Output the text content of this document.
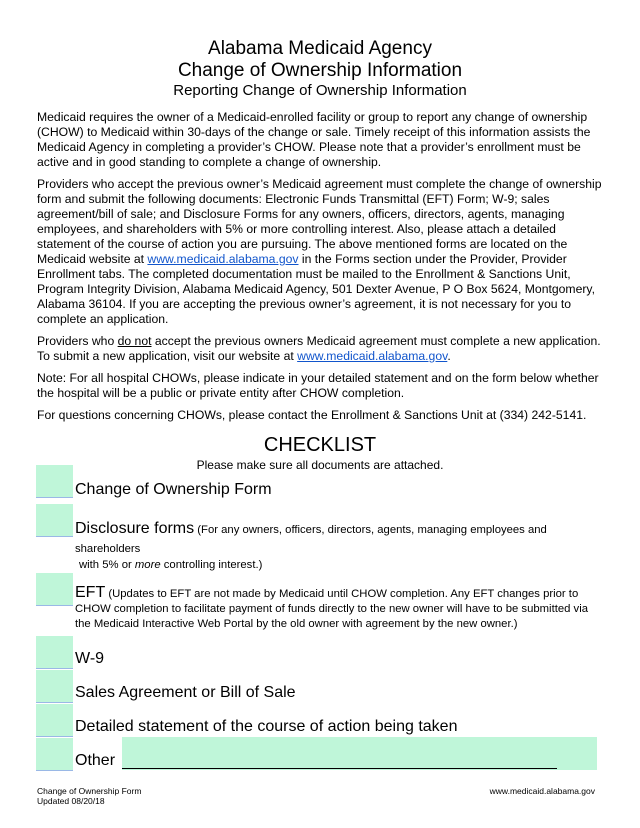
Alabama Medicaid Agency
Change of Ownership Information
Reporting Change of Ownership Information

Medicaid requires the owner of a Medicaid-enrolled facility or group to report any change of ownership (CHOW) to Medicaid within 30-days of the change or sale. Timely receipt of this information assists the Medicaid Agency in completing a provider’s CHOW. Please note that a provider’s enrollment must be active and in good standing to complete a change of ownership.

Providers who accept the previous owner’s Medicaid agreement must complete the change of ownership form and submit the following documents: Electronic Funds Transmittal (EFT) Form; W-9; sales agreement/bill of sale; and Disclosure Forms for any owners, officers, directors, agents, managing employees, and shareholders with 5% or more controlling interest. Also, please attach a detailed statement of the course of action you are pursuing. The above mentioned forms are located on the Medicaid website at www.medicaid.alabama.gov in the Forms section under the Provider, Provider Enrollment tabs. The completed documentation must be mailed to the Enrollment & Sanctions Unit, Program Integrity Division, Alabama Medicaid Agency, 501 Dexter Avenue, P O Box 5624, Montgomery, Alabama 36104. If you are accepting the previous owner’s agreement, it is not necessary for you to complete an application.

Providers who do not accept the previous owners Medicaid agreement must complete a new application. To submit a new application, visit our website at www.medicaid.alabama.gov.

Note: For all hospital CHOWs, please indicate in your detailed statement and on the form below whether the hospital will be a public or private entity after CHOW completion.

For questions concerning CHOWs, please contact the Enrollment & Sanctions Unit at (334) 242-5141.

CHECKLIST
Please make sure all documents are attached.
Change of Ownership Form
Disclosure forms (For any owners, officers, directors, agents, managing employees and shareholders
with 5% or more controlling interest.)
EFT (Updates to EFT are not made by Medicaid until CHOW completion. Any EFT changes prior to CHOW completion to facilitate payment of funds directly to the new owner will have to be submitted via the Medicaid Interactive Web Portal by the old owner with agreement by the new owner.)
W-9
Sales Agreement or Bill of Sale
Detailed statement of the course of action being taken
Other
Change of Ownership Form
Updated 08/20/18
www.medicaid.alabama.gov
